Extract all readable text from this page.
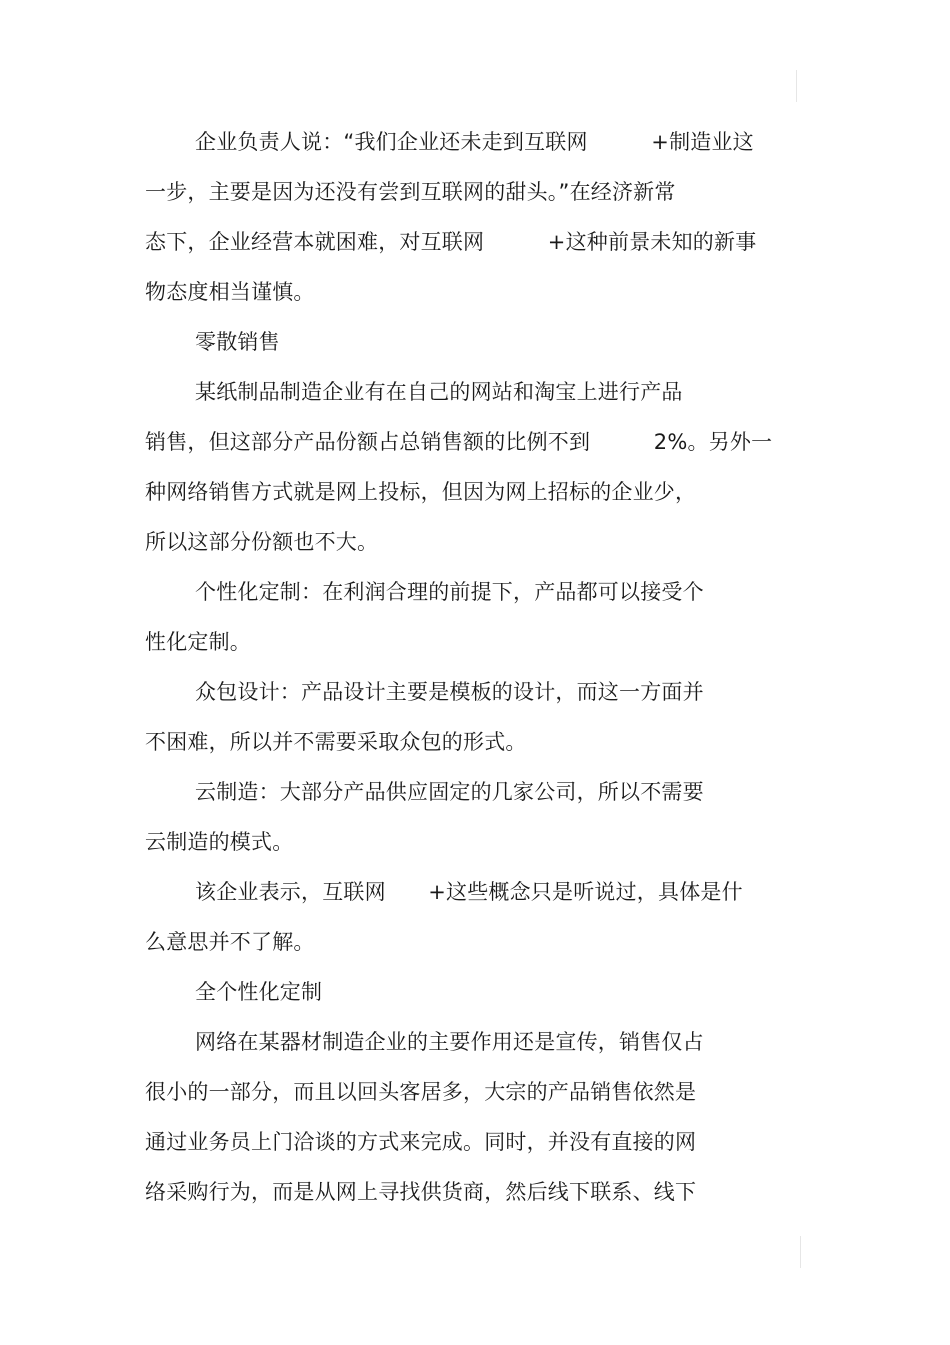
企业负责人说：“我们企业还未走到互联网　　　+制造业这
一步，主要是因为还没有尝到互联网的甜头。”在经济新常
态下，企业经营本就困难，对互联网　　　+这种前景未知的新事
物态度相当谨慎。
零散销售
某纸制品制造企业有在自己的网站和淘宝上进行产品
销售，但这部分产品份额占总销售额的比例不到　　　2%。另外一
种网络销售方式就是网上投标，但因为网上招标的企业少，
所以这部分份额也不大。
个性化定制：在利润合理的前提下，产品都可以接受个
性化定制。
众包设计：产品设计主要是模板的设计，而这一方面并
不困难，所以并不需要采取众包的形式。
云制造：大部分产品供应固定的几家公司，所以不需要
云制造的模式。
该企业表示，互联网　　+这些概念只是听说过，具体是什
么意思并不了解。
全个性化定制
网络在某器材制造企业的主要作用还是宣传，销售仅占
很小的一部分，而且以回头客居多，大宗的产品销售依然是
通过业务员上门洽谈的方式来完成。同时，并没有直接的网
络采购行为，而是从网上寻找供货商，然后线下联系、线下
